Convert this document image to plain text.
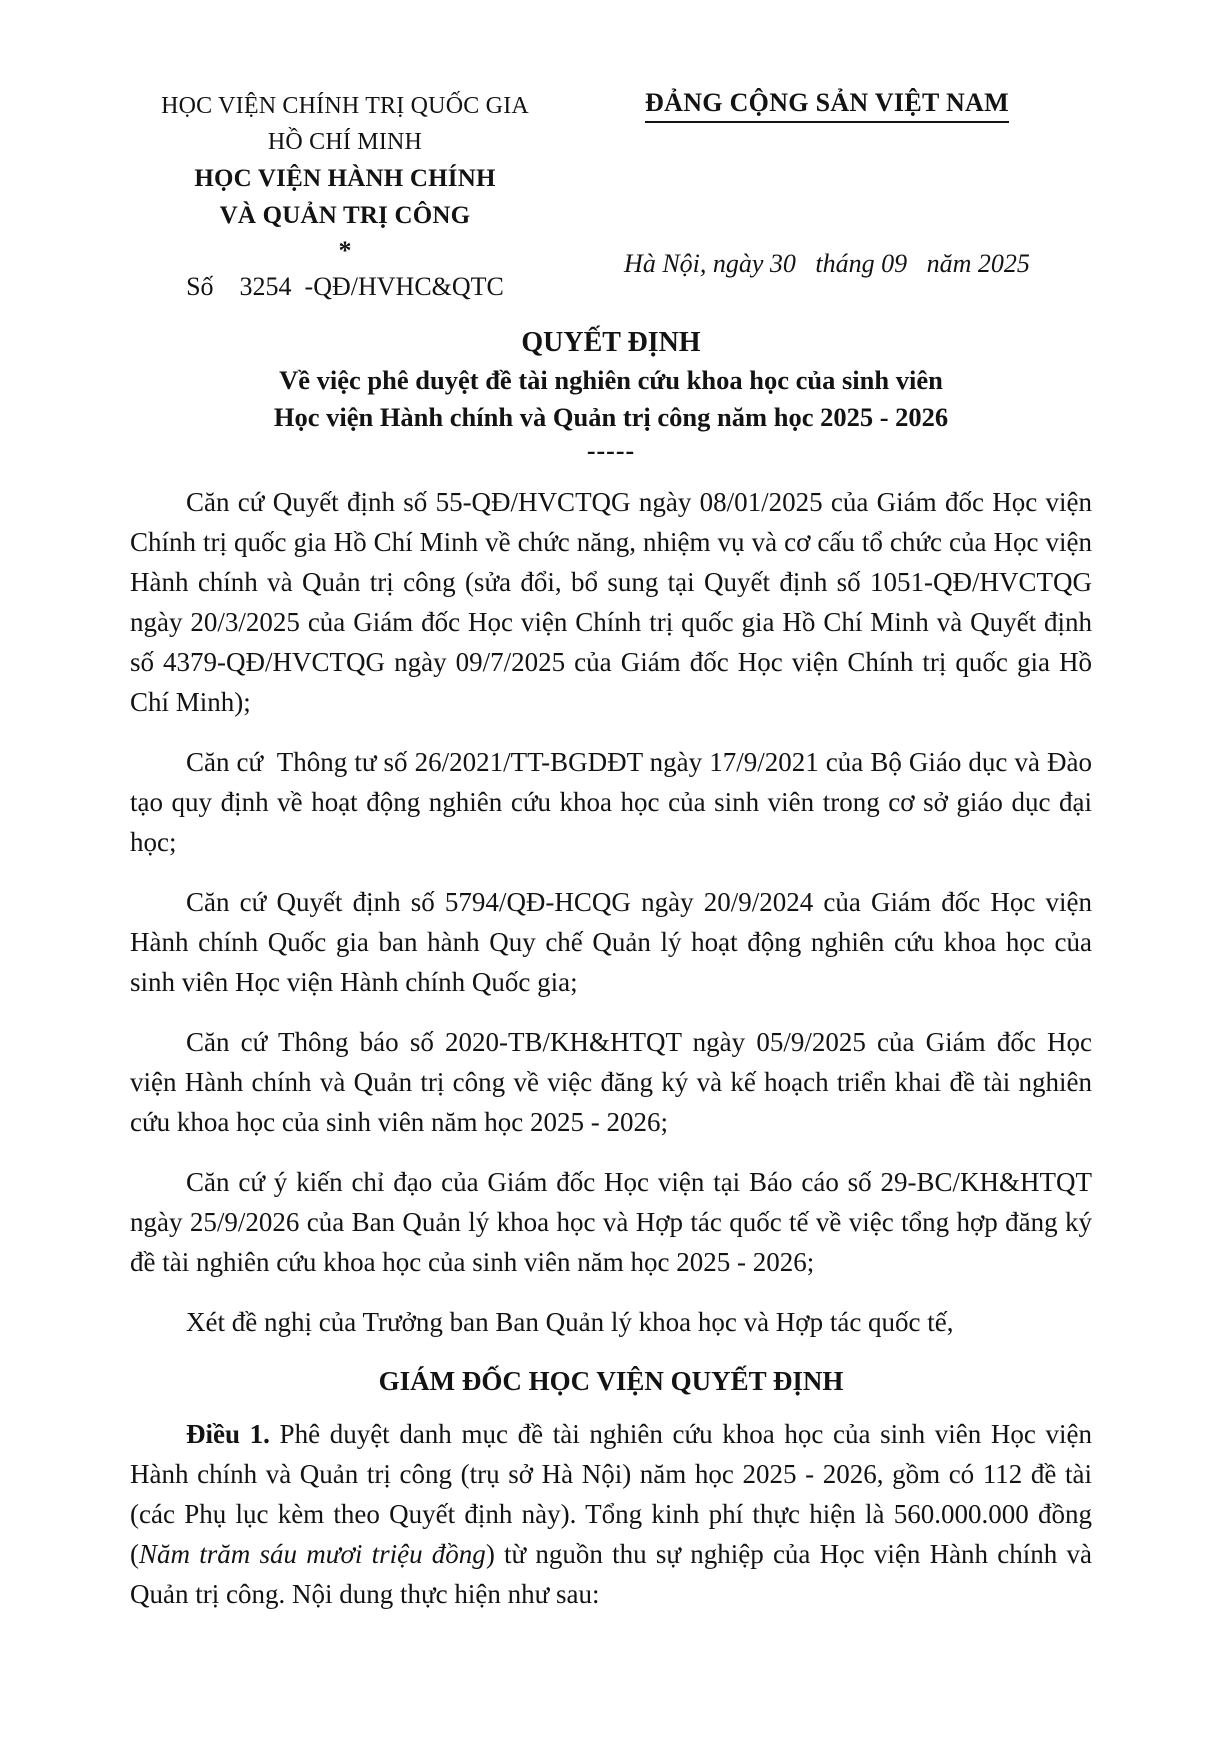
HỌC VIỆN CHÍNH TRỊ QUỐC GIA
HỒ CHÍ MINH
HỌC VIỆN HÀNH CHÍNH
VÀ QUẢN TRỊ CÔNG
*
Số    3254  -QĐ/HVHC&QTC
ĐẢNG CỘNG SẢN VIỆT NAM
Hà Nội, ngày 30   tháng 09   năm 2025
QUYẾT ĐỊNH
Về việc phê duyệt đề tài nghiên cứu khoa học của sinh viên
Học viện Hành chính và Quản trị công năm học 2025 - 2026
-----

Căn cứ Quyết định số 55-QĐ/HVCTQG ngày 08/01/2025 của Giám đốc Học viện Chính trị quốc gia Hồ Chí Minh về chức năng, nhiệm vụ và cơ cấu tổ chức của Học viện Hành chính và Quản trị công (sửa đổi, bổ sung tại Quyết định số 1051-QĐ/HVCTQG ngày 20/3/2025 của Giám đốc Học viện Chính trị quốc gia Hồ Chí Minh và Quyết định số 4379-QĐ/HVCTQG ngày 09/7/2025 của Giám đốc Học viện Chính trị quốc gia Hồ Chí Minh);

Căn cứ  Thông tư số 26/2021/TT-BGDĐT ngày 17/9/2021 của Bộ Giáo dục và Đào tạo quy định về hoạt động nghiên cứu khoa học của sinh viên trong cơ sở giáo dục đại học;

Căn cứ Quyết định số 5794/QĐ-HCQG ngày 20/9/2024 của Giám đốc Học viện Hành chính Quốc gia ban hành Quy chế Quản lý hoạt động nghiên cứu khoa học của sinh viên Học viện Hành chính Quốc gia;

Căn cứ Thông báo số 2020-TB/KH&HTQT ngày 05/9/2025 của Giám đốc Học viện Hành chính và Quản trị công về việc đăng ký và kế hoạch triển khai đề tài nghiên cứu khoa học của sinh viên năm học 2025 - 2026;

Căn cứ ý kiến chỉ đạo của Giám đốc Học viện tại Báo cáo số 29-BC/KH&HTQT ngày 25/9/2026 của Ban Quản lý khoa học và Hợp tác quốc tế về việc tổng hợp đăng ký đề tài nghiên cứu khoa học của sinh viên năm học 2025 - 2026;

Xét đề nghị của Trưởng ban Ban Quản lý khoa học và Hợp tác quốc tế,

GIÁM ĐỐC HỌC VIỆN QUYẾT ĐỊNH

Điều 1. Phê duyệt danh mục đề tài nghiên cứu khoa học của sinh viên Học viện Hành chính và Quản trị công (trụ sở Hà Nội) năm học 2025 - 2026, gồm có 112 đề tài (các Phụ lục kèm theo Quyết định này). Tổng kinh phí thực hiện là 560.000.000 đồng (Năm trăm sáu mươi triệu đồng) từ nguồn thu sự nghiệp của Học viện Hành chính và Quản trị công. Nội dung thực hiện như sau:
